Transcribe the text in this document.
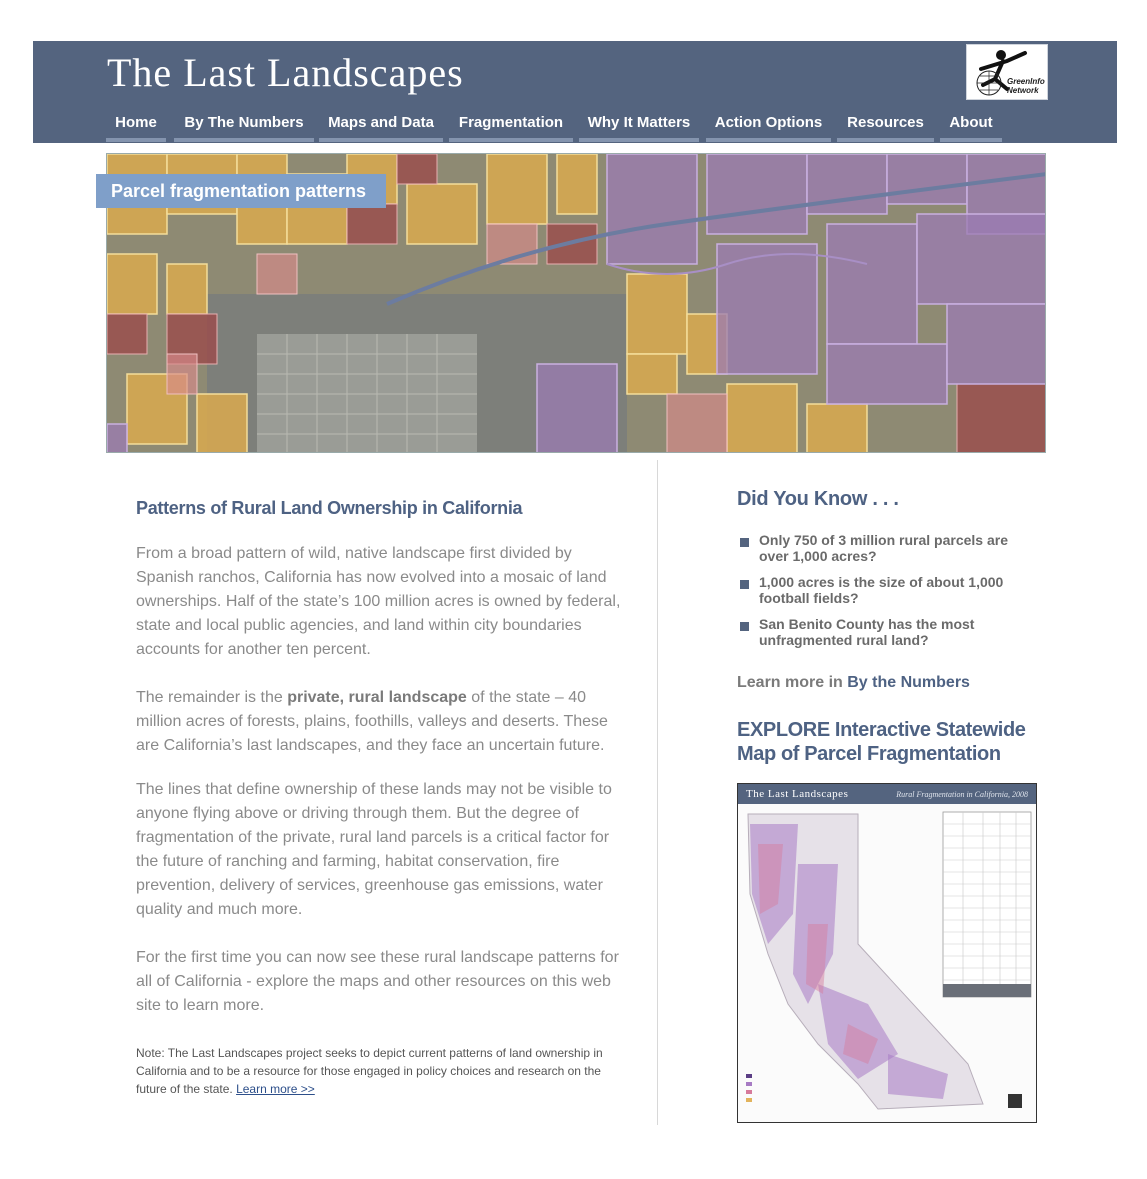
The Last Landscapes	GreenInfo
Network
Home	By The Numbers	Maps and Data	Fragmentation	Why It Matters	Action Options	Resources	About
Parcel fragmentation patterns
Patterns of Rural Land Ownership in California

From a broad pattern of wild, native landscape first divided by Spanish ranchos, California has now evolved into a mosaic of land ownerships. Half of the state’s 100 million acres is owned by federal, state and local public agencies, and land within city boundaries accounts for another ten percent.

The remainder is the private, rural landscape of the state – 40 million acres of forests, plains, foothills, valleys and deserts. These are California’s last landscapes, and they face an uncertain future.

The lines that define ownership of these lands may not be visible to anyone flying above or driving through them. But the degree of fragmentation of the private, rural land parcels is a critical factor for the future of ranching and farming, habitat conservation, fire prevention, delivery of services, greenhouse gas emissions, water quality and much more.

For the first time you can now see these rural landscape patterns for all of California - explore the maps and other resources on this web site to learn more.

Note: The Last Landscapes project seeks to depict current patterns of land ownership in California and to be a resource for those engaged in policy choices and research on the future of the state. Learn more >>

Did You Know . . .
Only 750 of 3 million rural parcels are over 1,000 acres?
1,000 acres is the size of about 1,000 football fields?
San Benito County has the most unfragmented rural land?
Learn more in By the Numbers
EXPLORE Interactive Statewide
Map of Parcel Fragmentation
The Last Landscapes	Rural Fragmentation in California, 2008
